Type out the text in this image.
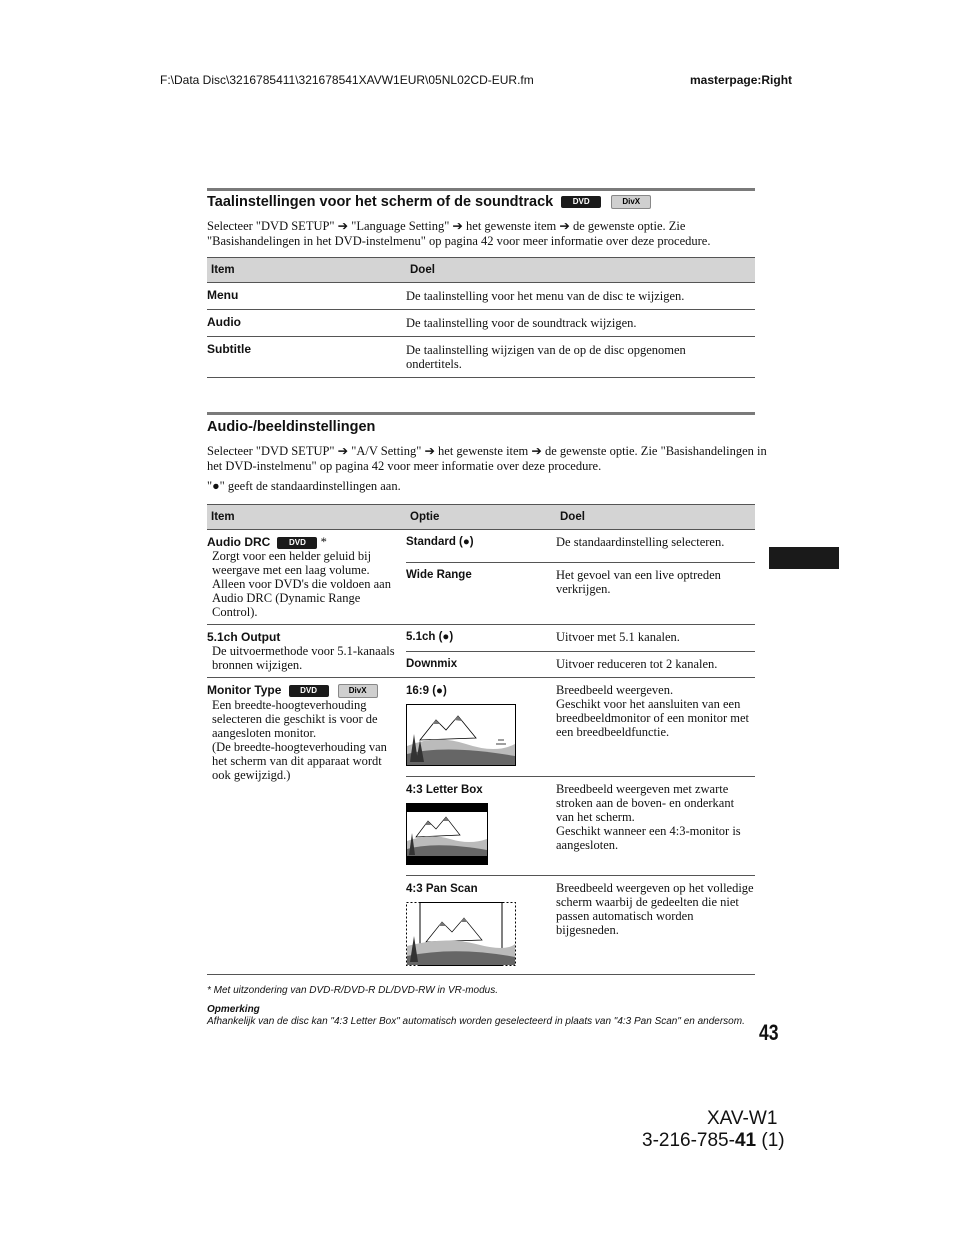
F:\Data Disc\3216785411\321678541XAVW1EUR\05NL02CD-EUR.fm	masterpage:Right
Taalinstellingen voor het scherm of de soundtrack DVD	DivX
Selecteer "DVD SETUP" ➔ "Language Setting" ➔ het gewenste item ➔ de gewenste optie. Zie "Basishandelingen in het DVD-instelmenu" op pagina 42 voor meer informatie over deze procedure.
Item	Doel
Menu	De taalinstelling voor het menu van de disc te wijzigen.
Audio	De taalinstelling voor de soundtrack wijzigen.
Subtitle	De taalinstelling wijzigen van de op de disc opgenomen ondertitels.
Audio-/beeldinstellingen
Selecteer "DVD SETUP" ➔ "A/V Setting" ➔ het gewenste item ➔ de gewenste optie. Zie "Basishandelingen in het DVD-instelmenu" op pagina 42 voor meer informatie over deze procedure.
"●" geeft de standaardinstellingen aan.
Item	Optie	Doel
Audio DRC DVD *
Zorgt voor een helder geluid bij weergave met een laag volume. Alleen voor DVD's die voldoen aan Audio DRC (Dynamic Range Control).	Standard (●)	De standaardinstelling selecteren.
	Wide Range	Het gevoel van een live optreden verkrijgen.
5.1ch Output
De uitvoermethode voor 5.1-kanaals bronnen wijzigen.	5.1ch (●)	Uitvoer met 5.1 kanalen.
	Downmix	Uitvoer reduceren tot 2 kanalen.
Monitor Type DVD DivX
Een breedte-hoogteverhouding selecteren die geschikt is voor de aangesloten monitor.
(De breedte-hoogteverhouding van het scherm van dit apparaat wordt ook gewijzigd.)	16:9 (●)	Breedbeeld weergeven.
Geschikt voor het aansluiten van een breedbeeldmonitor of een monitor met een breedbeeldfunctie.

	4:3 Letter Box	Breedbeeld weergeven met zwarte stroken aan de boven- en onderkant van het scherm.
Geschikt wanneer een 4:3-monitor is aangesloten.

	4:3 Pan Scan	Breedbeeld weergeven op het volledige scherm waarbij de gedeelten die niet passen automatisch worden bijgesneden.
* Met uitzondering van DVD-R/DVD-R DL/DVD-RW in VR-modus.
Opmerking
Afhankelijk van de disc kan "4:3 Letter Box" automatisch worden geselecteerd in plaats van "4:3 Pan Scan" en andersom. 43
XAV-W1
3-216-785-41 (1)
